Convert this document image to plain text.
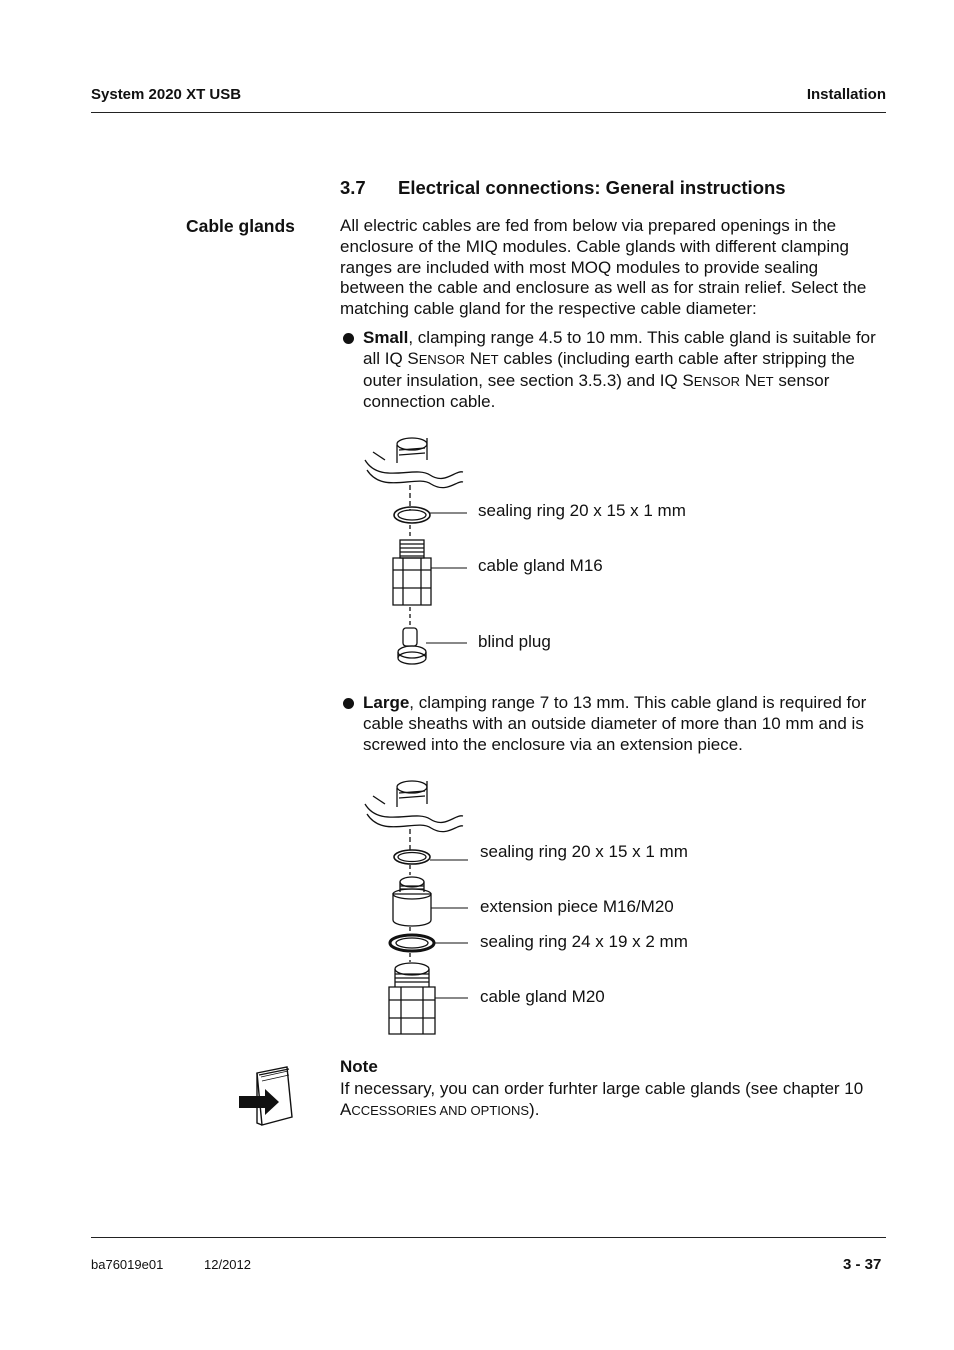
System 2020 XT USB	Installation
3.7 Electrical connections: General instructions
Cable glands	All electric cables are fed from below via prepared openings in the enclosure of the MIQ modules. Cable glands with different clamping ranges are included with most MOQ modules to provide sealing between the cable and enclosure as well as for strain relief. Select the matching cable gland for the respective cable diameter:
Small, clamping range 4.5 to 10 mm. This cable gland is suitable for all IQ SENSOR NET cables (including earth cable after stripping the outer insulation, see section 3.5.3) and IQ SENSOR NET sensor connection cable.
sealing ring 20 x 15 x 1 mm
cable gland M16
blind plug
Large, clamping range 7 to 13 mm. This cable gland is required for cable sheaths with an outside diameter of more than 10 mm and is screwed into the enclosure via an extension piece.
sealing ring 20 x 15 x 1 mm
extension piece M16/M20
sealing ring 24 x 19 x 2 mm
cable gland M20
Note
If necessary, you can order furhter large cable glands (see chapter 10
ACCESSORIES AND OPTIONS).
ba76019e01	12/2012	3 - 37
